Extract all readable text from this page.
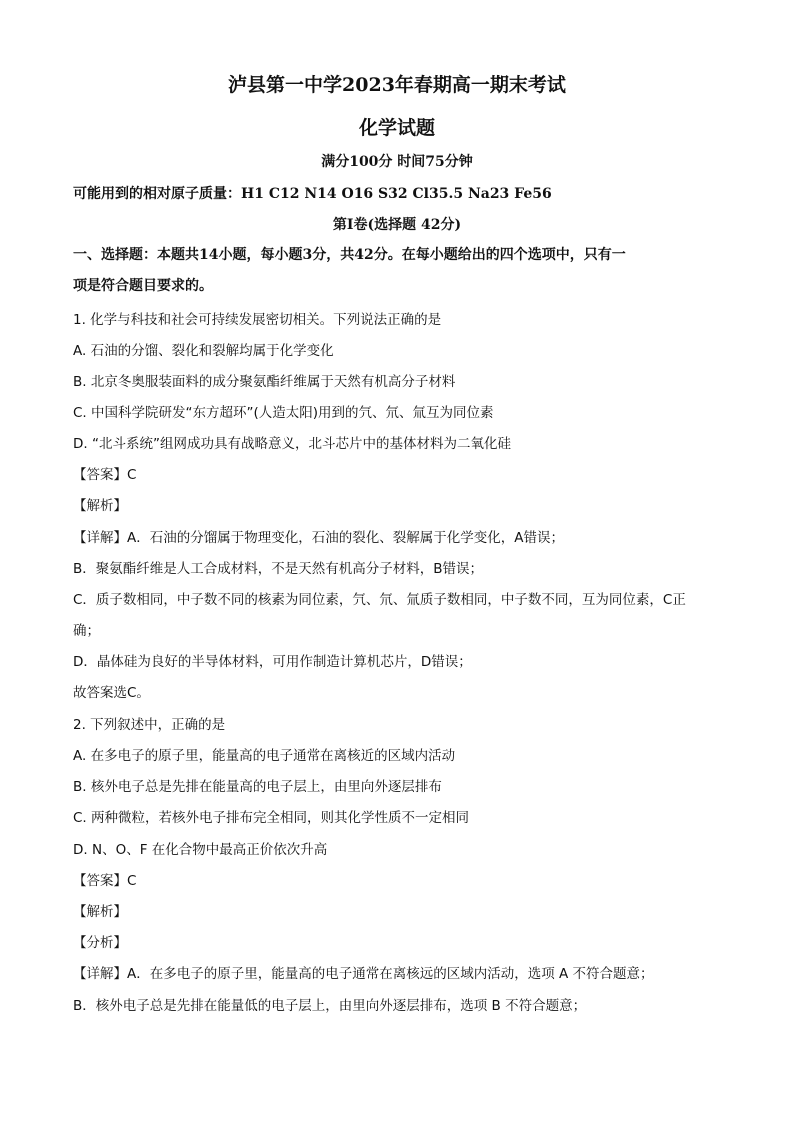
泸县第一中学2023年春期高一期末考试
化学试题
满分100分 时间75分钟
可能用到的相对原子质量：H1 C12 N14 O16 S32 Cl35.5 Na23 Fe56
第I卷(选择题 42分)
一、选择题：本题共14小题，每小题3分，共42分。在每小题给出的四个选项中，只有一
项是符合题目要求的。
1. 化学与科技和社会可持续发展密切相关。下列说法正确的是
A. 石油的分馏、裂化和裂解均属于化学变化
B. 北京冬奥服装面料的成分聚氨酯纤维属于天然有机高分子材料
C. 中国科学院研发“东方超环”(人造太阳)用到的氕、氘、氚互为同位素
D. “北斗系统”组网成功具有战略意义，北斗芯片中的基体材料为二氧化硅
【答案】C
【解析】
【详解】A．石油的分馏属于物理变化，石油的裂化、裂解属于化学变化，A错误；
B．聚氨酯纤维是人工合成材料，不是天然有机高分子材料，B错误；
C．质子数相同，中子数不同的核素为同位素，氕、氘、氚质子数相同，中子数不同，互为同位素，C正
确；
D．晶体硅为良好的半导体材料，可用作制造计算机芯片，D错误；
故答案选C。
2. 下列叙述中，正确的是
A. 在多电子的原子里，能量高的电子通常在离核近的区域内活动
B. 核外电子总是先排在能量高的电子层上，由里向外逐层排布
C. 两种微粒，若核外电子排布完全相同，则其化学性质不一定相同
D. N、O、F 在化合物中最高正价依次升高
【答案】C
【解析】
【分析】
【详解】A．在多电子的原子里，能量高的电子通常在离核远的区域内活动，选项 A 不符合题意；
B．核外电子总是先排在能量低的电子层上，由里向外逐层排布，选项 B 不符合题意；
